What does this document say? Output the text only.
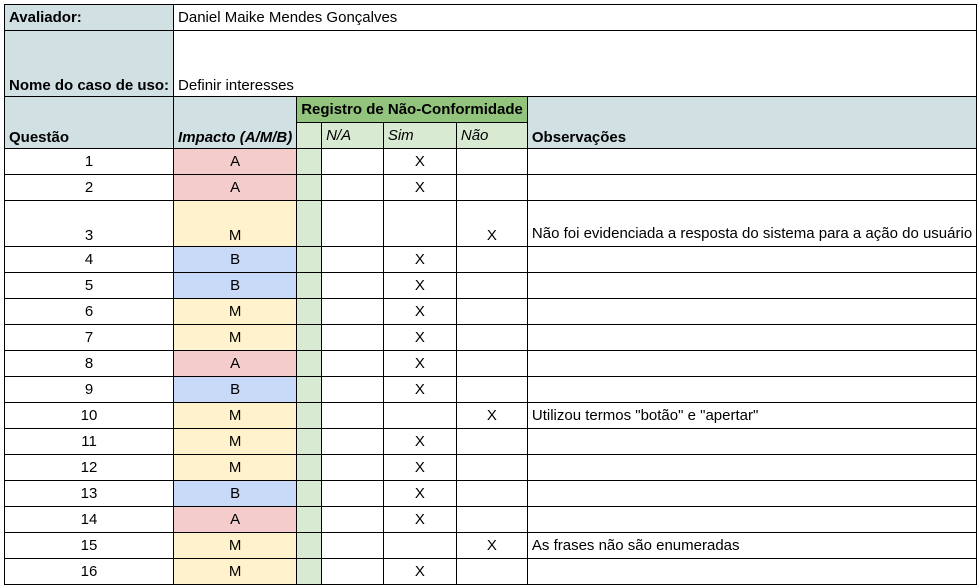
Avaliador:	Daniel Maike Mendes Gonçalves					
Nome do caso de uso:	Definir interesses					
Questão	Impacto (A/M/B)	Registro de Não-Conformidade				Observações
			N/A	Sim	Não	
1	A			X		
2	A			X		
3	M				X	Não foi evidenciada a resposta do sistema para a ação do usuário
4	B			X		
5	B			X		
6	M			X		
7	M			X		
8	A			X		
9	B			X		
10	M				X	Utilizou termos "botão" e "apertar"
11	M			X		
12	M			X		
13	B			X		
14	A			X		
15	M				X	As frases não são enumeradas
16	M			X		
